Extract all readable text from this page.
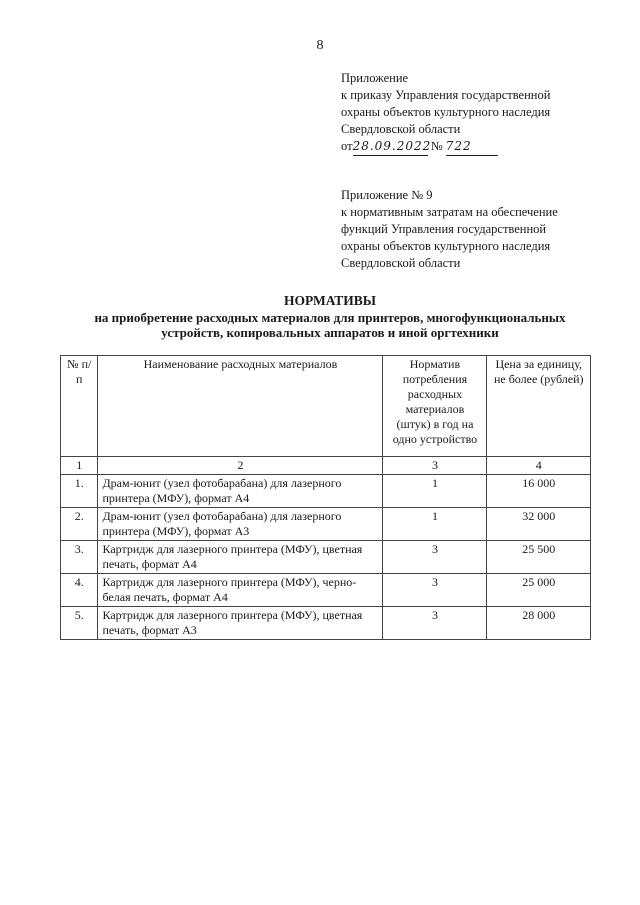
8
Приложение
к приказу Управления государственной
охраны объектов культурного наследия
Свердловской области
от28.09.2022 № 722
Приложение № 9
к нормативным затратам на обеспечение
функций Управления государственной
охраны объектов культурного наследия
Свердловской области
НОРМАТИВЫ
на приобретение расходных материалов для принтеров, многофункциональных
устройств, копировальных аппаратов и иной оргтехники
№ п/п	Наименование расходных материалов	Норматив потребления расходных материалов (штук) в год на одно устройство	Цена за единицу, не более (рублей)
1	2	3	4
1.	Драм-юнит (узел фотобарабана) для лазерного принтера (МФУ), формат А4	1	16 000
2.	Драм-юнит (узел фотобарабана) для лазерного принтера (МФУ), формат А3	1	32 000
3.	Картридж для лазерного принтера (МФУ), цветная печать, формат А4	3	25 500
4.	Картридж для лазерного принтера (МФУ), черно-белая печать, формат А4	3	25 000
5.	Картридж для лазерного принтера (МФУ), цветная печать, формат А3	3	28 000
